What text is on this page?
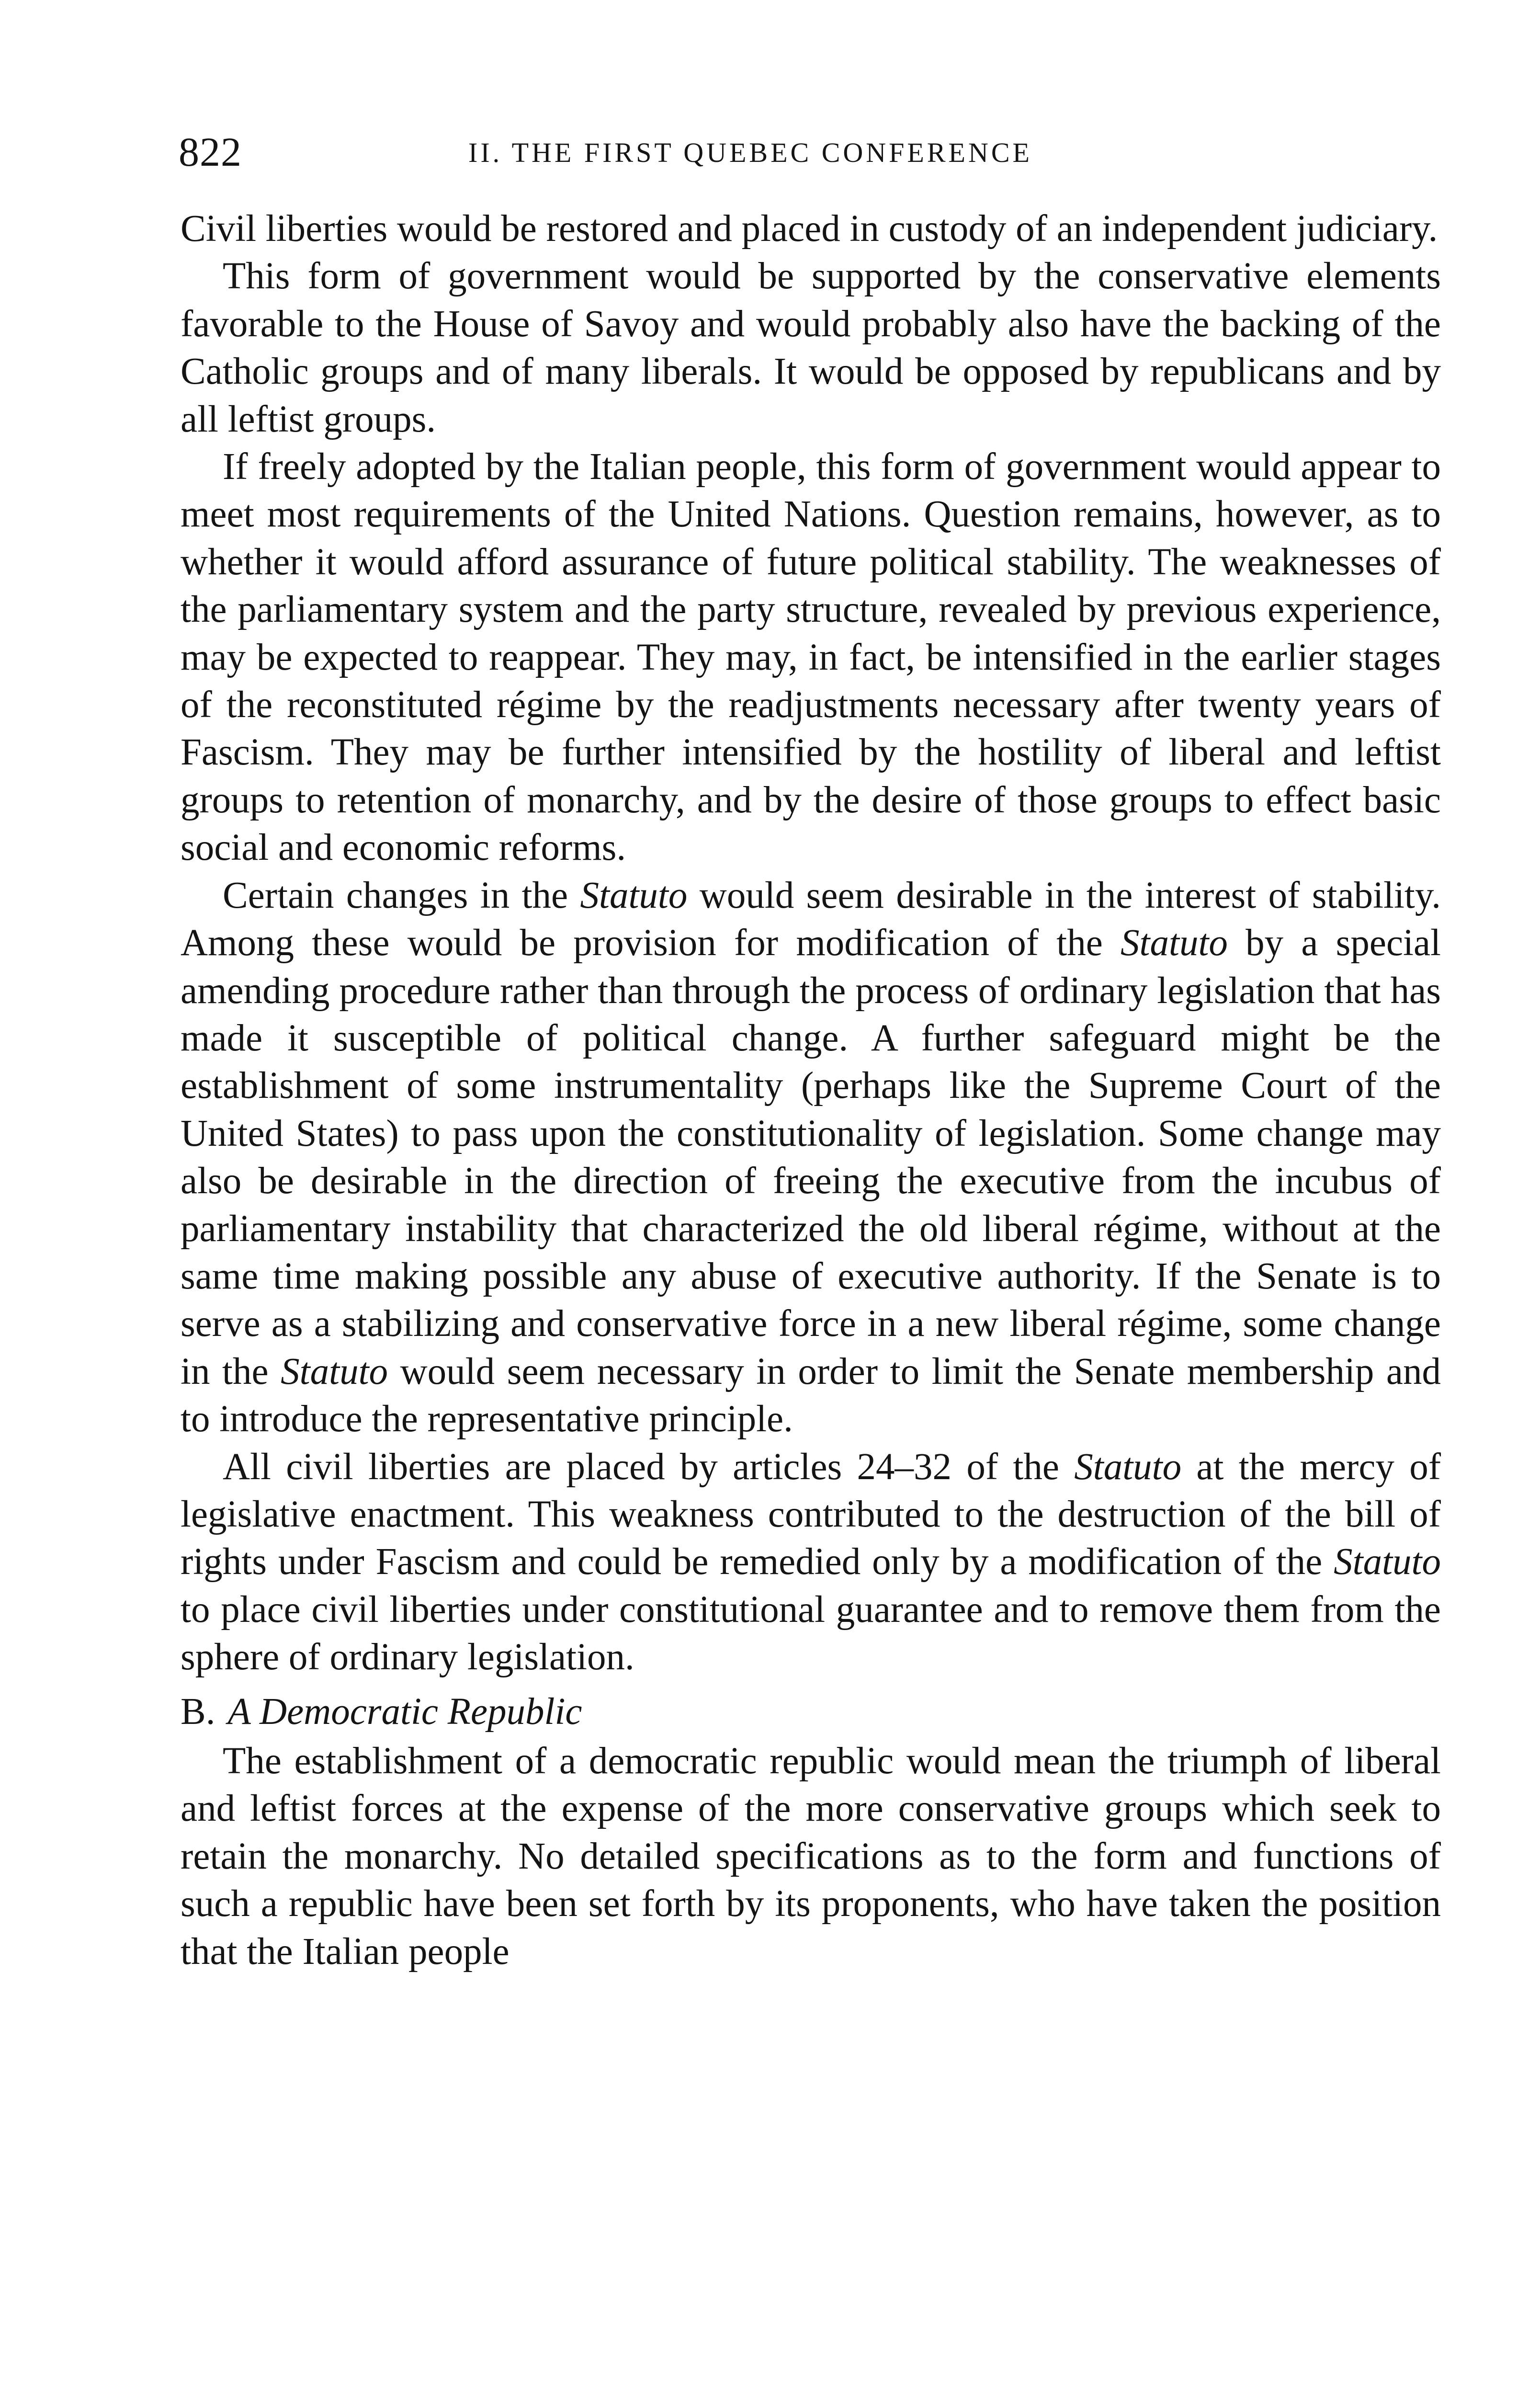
822	II. THE FIRST QUEBEC CONFERENCE

Civil liberties would be restored and placed in custody of an independent judiciary.

This form of government would be supported by the conservative elements favorable to the House of Savoy and would probably also have the backing of the Catholic groups and of many liberals. It would be opposed by republicans and by all leftist groups.

If freely adopted by the Italian people, this form of government would appear to meet most requirements of the United Nations. Question remains, however, as to whether it would afford assurance of future political stability. The weaknesses of the parliamentary system and the party structure, revealed by previous experience, may be expected to reappear. They may, in fact, be intensified in the earlier stages of the reconstituted régime by the readjustments necessary after twenty years of Fascism. They may be further intensified by the hostility of liberal and leftist groups to retention of monarchy, and by the desire of those groups to effect basic social and economic reforms.

Certain changes in the Statuto would seem desirable in the interest of stability. Among these would be provision for modification of the Statuto by a special amending procedure rather than through the process of ordinary legislation that has made it susceptible of political change. A further safeguard might be the establishment of some instrumentality (perhaps like the Supreme Court of the United States) to pass upon the constitutionality of legislation. Some change may also be desirable in the direction of freeing the executive from the incubus of parliamentary instability that characterized the old liberal régime, without at the same time making possible any abuse of executive authority. If the Senate is to serve as a stabilizing and conservative force in a new liberal régime, some change in the Statuto would seem necessary in order to limit the Senate membership and to introduce the representative principle.

All civil liberties are placed by articles 24–32 of the Statuto at the mercy of legislative enactment. This weakness contributed to the destruction of the bill of rights under Fascism and could be remedied only by a modification of the Statuto to place civil liberties under constitutional guarantee and to remove them from the sphere of ordinary legislation.

B. A Democratic Republic

The establishment of a democratic republic would mean the triumph of liberal and leftist forces at the expense of the more conservative groups which seek to retain the monarchy. No detailed specifications as to the form and functions of such a republic have been set forth by its proponents, who have taken the position that the Italian people
